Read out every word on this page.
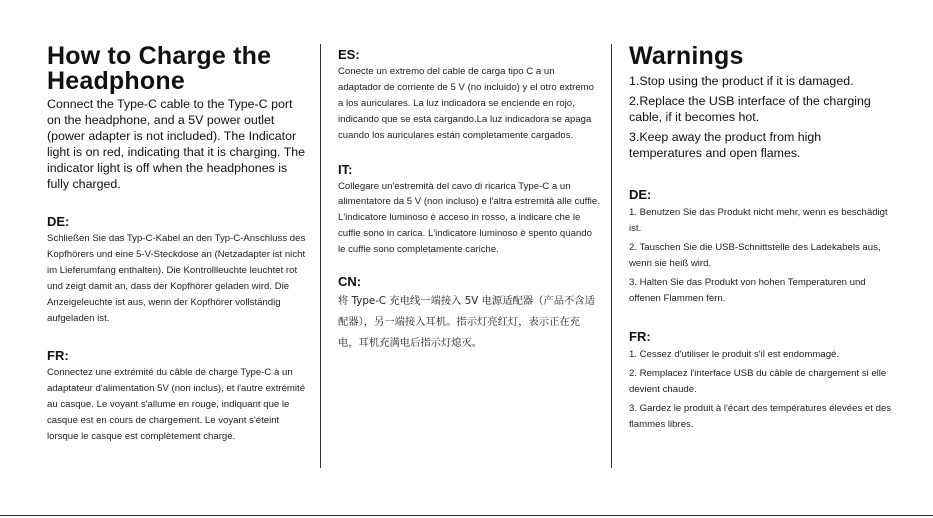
How to Charge the Headphone

Connect the Type-C cable to the Type-C port on the headphone, and a 5V power outlet (power adapter is not included). The Indicator light is on red, indicating that it is charging. The indicator light is off when the headphones is fully charged.

DE:

Schließen Sie das Typ-C-Kabel an den Typ-C-Anschluss des Kopfhörers und eine 5-V-Steckdose an (Netzadapter ist nicht im Lieferumfang enthalten). Die Kontrollleuchte leuchtet rot und zeigt damit an, dass der Kopfhörer geladen wird. Die Anzeigeleuchte ist aus, wenn der Kopfhörer vollständig aufgeladen ist.

FR:

Connectez une extrémité du câble de charge Type-C à un adaptateur d'alimentation 5V (non inclus), et l'autre extrémité au casque. Le voyant s'allume en rouge, indiquant que le casque est en cours de chargement. Le voyant s'éteint lorsque le casque est complètement chargé.

ES:

Conecte un extremo del cable de carga tipo C a un adaptador de corriente de 5 V (no incluido) y el otro extremo a los auriculares. La luz indicadora se enciende en rojo, indicando que se está cargando.La luz indicadora se apaga cuando los auriculares están completamente cargados.

IT:

Collegare un'estremità del cavo di ricarica Type-C a un alimentatore da 5 V (non incluso) e l'altra estremità alle cuffie. L'indicatore luminoso è acceso in rosso, a indicare che le cuffie sono in carica. L'indicatore luminoso è spento quando le cuffie sono completamente cariche.

CN:

将 Type-C 充电线一端接入 5V 电源适配器（产品不含适配器），另一端接入耳机。指示灯亮红灯，表示正在充电，耳机充满电后指示灯熄灭。

Warnings

1.Stop using the product if it is damaged.

2.Replace the USB interface of the charging cable, if it becomes hot.

3.Keep away the product from high temperatures and open flames.

DE:

1. Benutzen Sie das Produkt nicht mehr, wenn es beschädigt ist.

2. Tauschen Sie die USB-Schnittstelle des Ladekabels aus, wenn sie heiß wird.

3. Halten Sie das Produkt von hohen Temperaturen und offenen Flammen fern.

FR:

1. Cessez d'utiliser le produit s'il est endommagé.

2. Remplacez l'interface USB du câble de chargement si elle devient chaude.

3. Gardez le produit à l'écart des températures élevées et des flammes libres.
